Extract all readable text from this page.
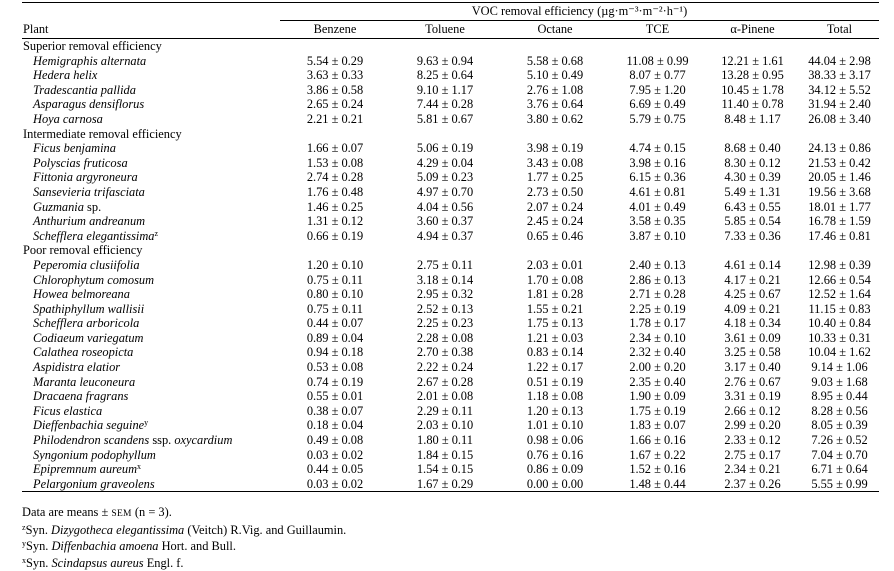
	VOC removal efficiency (µg·m⁻³·m⁻²·h⁻¹)					
Plant	Benzene	Toluene	Octane	TCE	α-Pinene	Total
Superior removal efficiency						
Hemigraphis alternata	5.54 ± 0.29	9.63 ± 0.94	5.58 ± 0.68	11.08 ± 0.99	12.21 ± 1.61	44.04 ± 2.98
Hedera helix	3.63 ± 0.33	8.25 ± 0.64	5.10 ± 0.49	8.07 ± 0.77	13.28 ± 0.95	38.33 ± 3.17
Tradescantia pallida	3.86 ± 0.58	9.10 ± 1.17	2.76 ± 1.08	7.95 ± 1.20	10.45 ± 1.78	34.12 ± 5.52
Asparagus densiflorus	2.65 ± 0.24	7.44 ± 0.28	3.76 ± 0.64	6.69 ± 0.49	11.40 ± 0.78	31.94 ± 2.40
Hoya carnosa	2.21 ± 0.21	5.81 ± 0.67	3.80 ± 0.62	5.79 ± 0.75	8.48 ± 1.17	26.08 ± 3.40
Intermediate removal efficiency						
Ficus benjamina	1.66 ± 0.07	5.06 ± 0.19	3.98 ± 0.19	4.74 ± 0.15	8.68 ± 0.40	24.13 ± 0.86
Polyscias fruticosa	1.53 ± 0.08	4.29 ± 0.04	3.43 ± 0.08	3.98 ± 0.16	8.30 ± 0.12	21.53 ± 0.42
Fittonia argyroneura	2.74 ± 0.28	5.09 ± 0.23	1.77 ± 0.25	6.15 ± 0.36	4.30 ± 0.39	20.05 ± 1.46
Sansevieria trifasciata	1.76 ± 0.48	4.97 ± 0.70	2.73 ± 0.50	4.61 ± 0.81	5.49 ± 1.31	19.56 ± 3.68
Guzmania sp.	1.46 ± 0.25	4.04 ± 0.56	2.07 ± 0.24	4.01 ± 0.49	6.43 ± 0.55	18.01 ± 1.77
Anthurium andreanum	1.31 ± 0.12	3.60 ± 0.37	2.45 ± 0.24	3.58 ± 0.35	5.85 ± 0.54	16.78 ± 1.59
Schefflera elegantissima$^z$	0.66 ± 0.19	4.94 ± 0.37	0.65 ± 0.46	3.87 ± 0.10	7.33 ± 0.36	17.46 ± 0.81
Poor removal efficiency						
Peperomia clusiifolia	1.20 ± 0.10	2.75 ± 0.11	2.03 ± 0.01	2.40 ± 0.13	4.61 ± 0.14	12.98 ± 0.39
Chlorophytum comosum	0.75 ± 0.11	3.18 ± 0.14	1.70 ± 0.08	2.86 ± 0.13	4.17 ± 0.21	12.66 ± 0.54
Howea belmoreana	0.80 ± 0.10	2.95 ± 0.32	1.81 ± 0.28	2.71 ± 0.28	4.25 ± 0.67	12.52 ± 1.64
Spathiphyllum wallisii	0.75 ± 0.11	2.52 ± 0.13	1.55 ± 0.21	2.25 ± 0.19	4.09 ± 0.21	11.15 ± 0.83
Schefflera arboricola	0.44 ± 0.07	2.25 ± 0.23	1.75 ± 0.13	1.78 ± 0.17	4.18 ± 0.34	10.40 ± 0.84
Codiaeum variegatum	0.89 ± 0.04	2.28 ± 0.08	1.21 ± 0.03	2.34 ± 0.10	3.61 ± 0.09	10.33 ± 0.31
Calathea roseopicta	0.94 ± 0.18	2.70 ± 0.38	0.83 ± 0.14	2.32 ± 0.40	3.25 ± 0.58	10.04 ± 1.62
Aspidistra elatior	0.53 ± 0.08	2.22 ± 0.24	1.22 ± 0.17	2.00 ± 0.20	3.17 ± 0.40	9.14 ± 1.06
Maranta leuconeura	0.74 ± 0.19	2.67 ± 0.28	0.51 ± 0.19	2.35 ± 0.40	2.76 ± 0.67	9.03 ± 1.68
Dracaena fragrans	0.55 ± 0.01	2.01 ± 0.08	1.18 ± 0.08	1.90 ± 0.09	3.31 ± 0.19	8.95 ± 0.44
Ficus elastica	0.38 ± 0.07	2.29 ± 0.11	1.20 ± 0.13	1.75 ± 0.19	2.66 ± 0.12	8.28 ± 0.56
Dieffenbachia seguine$^y$	0.18 ± 0.04	2.03 ± 0.10	1.01 ± 0.10	1.83 ± 0.07	2.99 ± 0.20	8.05 ± 0.39
Philodendron scandens ssp. oxycardium	0.49 ± 0.08	1.80 ± 0.11	0.98 ± 0.06	1.66 ± 0.16	2.33 ± 0.12	7.26 ± 0.52
Syngonium podophyllum	0.03 ± 0.02	1.84 ± 0.15	0.76 ± 0.16	1.67 ± 0.22	2.75 ± 0.17	7.04 ± 0.70
Epipremnum aureum$^x$	0.44 ± 0.05	1.54 ± 0.15	0.86 ± 0.09	1.52 ± 0.16	2.34 ± 0.21	6.71 ± 0.64
Pelargonium graveolens	0.03 ± 0.02	1.67 ± 0.29	0.00 ± 0.00	1.48 ± 0.44	2.37 ± 0.26	5.55 ± 0.99
Data are means ± SEM (n = 3).
$^z$Syn. Dizygotheca elegantissima (Veitch) R.Vig. and Guillaumin.
$^y$Syn. Diffenbachia amoena Hort. and Bull.
$^x$Syn. Scindapsus aureus Engl. f.
